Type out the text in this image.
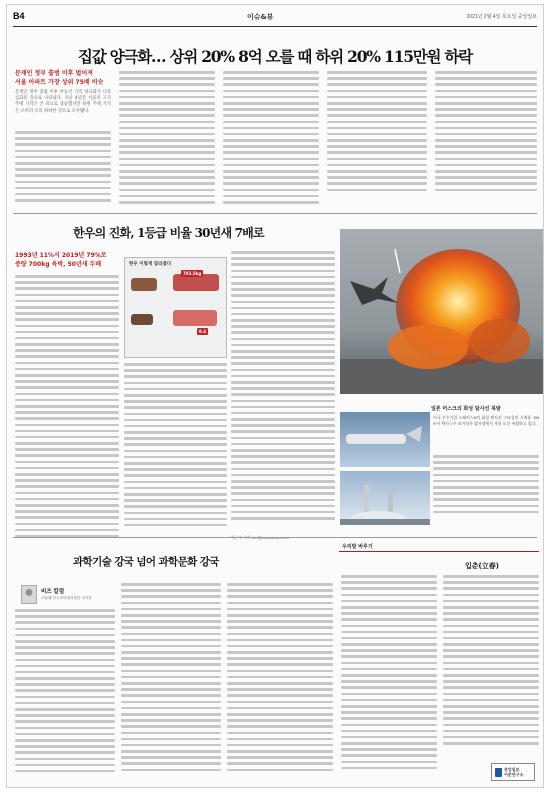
B4	이슈&뷰	2021년 2월 4일 목요일 중앙일보
집값 양극화… 상위 20% 8억 오를 때 하위 20% 115만원 하락
문재인 정부 출범 이후 벌어져
서울 아파트 가장 상위 75배 비슷
문재인 정부 출범 이후 부동산 가격 양극화가 더욱 심화된 것으로 나타났다. 지난 4년간 서울의 고가 주택 가격은 큰 폭으로 상승했지만 하위 주택 가격은 오히려 소폭 하락한 것으로 조사됐다.
한우의 진화, 1등급 비율 30년새 7배로
1993년 11%서 2019년 79%로
증량 700kg 육박, 50년새 두배	한우 이렇게 달라졌다
702.5kg
9.4
일론 머스크의 화성 탐사선 폭발
미국 우주기업 스페이스X의 화성 탐사선 스타십의 시제품 'SN9'이 텍사스주 보카치카 발사장에서 착륙 도중 폭발하고 있다.
과학기술 강국 넘어 과학문화 강국
비즈 칼럼
조율래 한국과학창의재단 이사장
우리말 바루기
입춘(立春)
중앙일보
어문연구소
